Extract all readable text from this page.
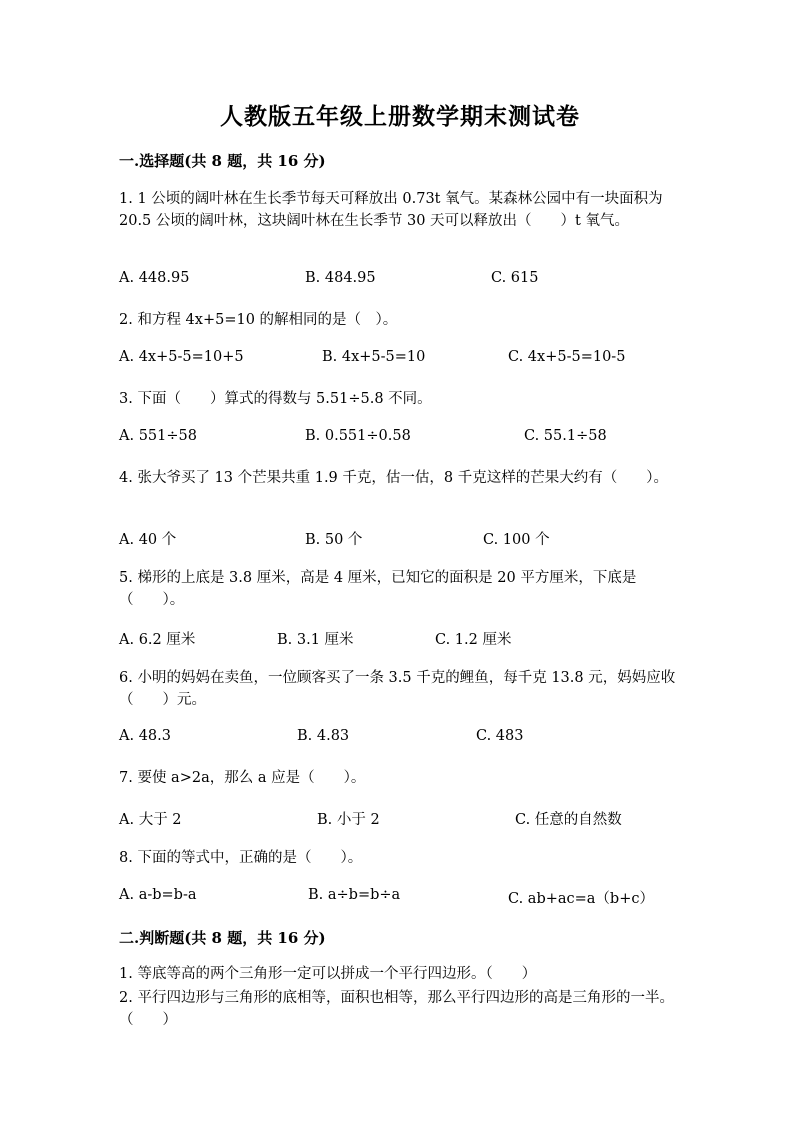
人教版五年级上册数学期末测试卷
一.选择题(共 8 题，共 16 分)
1. 1 公顷的阔叶林在生长季节每天可释放出 0.73t 氧气。某森林公园中有一块面积为 20.5 公顷的阔叶林，这块阔叶林在生长季节 30 天可以释放出（　　）t 氧气。
A. 448.95	B. 484.95	C. 615
2. 和方程 4x+5=10 的解相同的是（　）。
A. 4x+5-5=10+5	B. 4x+5-5=10	C. 4x+5-5=10-5
3. 下面（　　）算式的得数与 5.51÷5.8 不同。
A. 551÷58	B. 0.551÷0.58	C. 55.1÷58
4. 张大爷买了 13 个芒果共重 1.9 千克，估一估，8 千克这样的芒果大约有（　　）。
A. 40 个	B. 50 个	C. 100 个
5. 梯形的上底是 3.8 厘米，高是 4 厘米，已知它的面积是 20 平方厘米，下底是（　　）。
A. 6.2 厘米	B. 3.1 厘米	C. 1.2 厘米
6. 小明的妈妈在卖鱼，一位顾客买了一条 3.5 千克的鲤鱼，每千克 13.8 元，妈妈应收（　　）元。
A. 48.3	B. 4.83	C. 483
7. 要使 a>2a，那么 a 应是（　　）。
A. 大于 2	B. 小于 2	C. 任意的自然数
8. 下面的等式中，正确的是（　　）。
A. a-b=b-a	B. a÷b=b÷a	C. ab+ac=a（b+c）
二.判断题(共 8 题，共 16 分)
1. 等底等高的两个三角形一定可以拼成一个平行四边形。（　　）
2. 平行四边形与三角形的底相等，面积也相等，那么平行四边形的高是三角形的一半。（　　）
